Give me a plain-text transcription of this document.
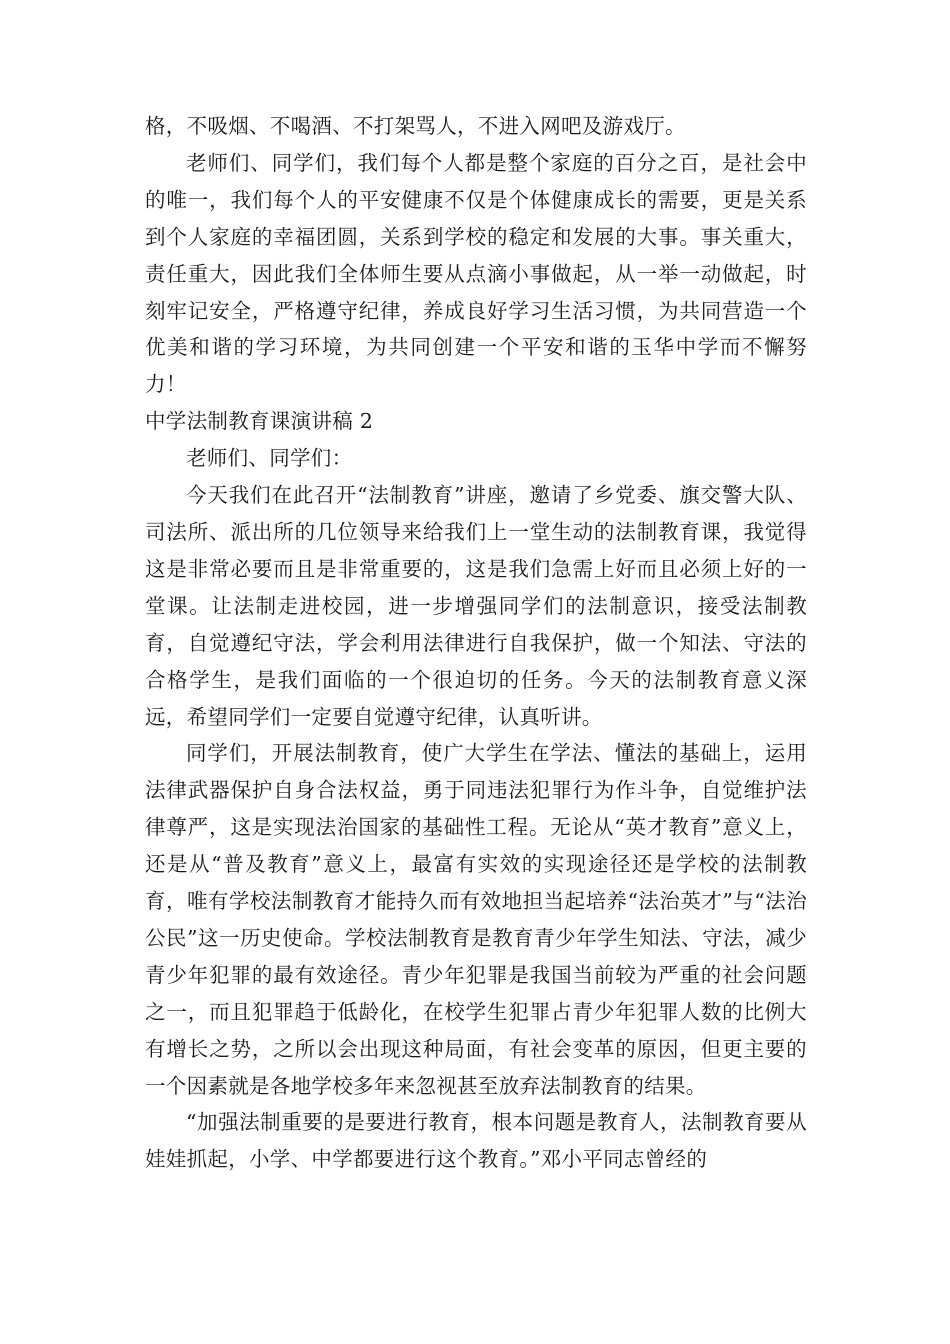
格，不吸烟、不喝酒、不打架骂人，不进入网吧及游戏厅。

老师们、同学们，我们每个人都是整个家庭的百分之百，是社会中的唯一，我们每个人的平安健康不仅是个体健康成长的需要，更是关系到个人家庭的幸福团圆，关系到学校的稳定和发展的大事。事关重大，责任重大，因此我们全体师生要从点滴小事做起，从一举一动做起，时刻牢记安全，严格遵守纪律，养成良好学习生活习惯，为共同营造一个优美和谐的学习环境，为共同创建一个平安和谐的玉华中学而不懈努力！

中学法制教育课演讲稿 2

老师们、同学们：

今天我们在此召开“法制教育”讲座，邀请了乡党委、旗交警大队、司法所、派出所的几位领导来给我们上一堂生动的法制教育课，我觉得这是非常必要而且是非常重要的，这是我们急需上好而且必须上好的一堂课。让法制走进校园，进一步增强同学们的法制意识，接受法制教育，自觉遵纪守法，学会利用法律进行自我保护，做一个知法、守法的合格学生，是我们面临的一个很迫切的任务。今天的法制教育意义深远，希望同学们一定要自觉遵守纪律，认真听讲。

同学们，开展法制教育，使广大学生在学法、懂法的基础上，运用法律武器保护自身合法权益，勇于同违法犯罪行为作斗争，自觉维护法律尊严，这是实现法治国家的基础性工程。无论从“英才教育”意义上，还是从“普及教育”意义上，最富有实效的实现途径还是学校的法制教育，唯有学校法制教育才能持久而有效地担当起培养“法治英才”与“法治公民”这一历史使命。学校法制教育是教育青少年学生知法、守法，减少青少年犯罪的最有效途径。青少年犯罪是我国当前较为严重的社会问题之一，而且犯罪趋于低龄化，在校学生犯罪占青少年犯罪人数的比例大有增长之势，之所以会出现这种局面，有社会变革的原因，但更主要的一个因素就是各地学校多年来忽视甚至放弃法制教育的结果。

“加强法制重要的是要进行教育，根本问题是教育人，法制教育要从娃娃抓起，小学、中学都要进行这个教育。”邓小平同志曾经的
